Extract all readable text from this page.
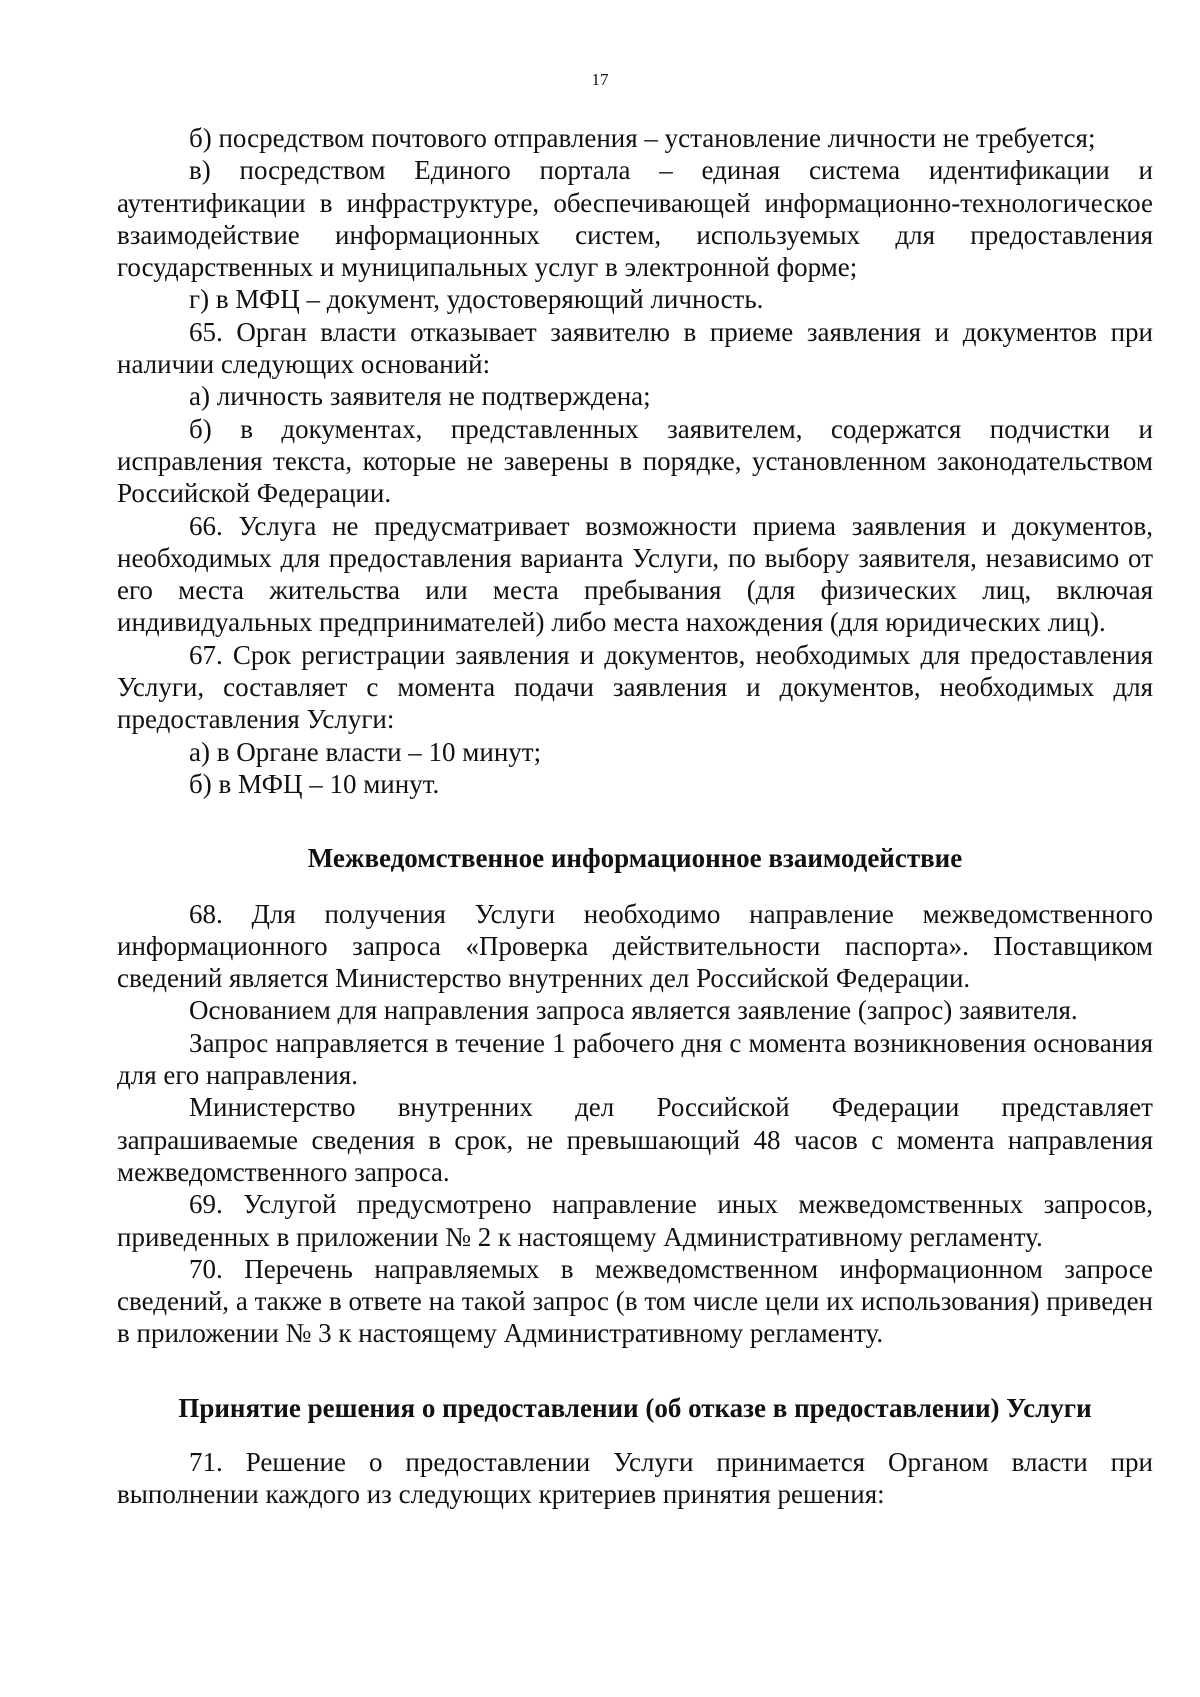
17

б) посредством почтового отправления – установление личности не требуется;

в) посредством Единого портала – единая система идентификации и аутентификации в инфраструктуре, обеспечивающей информационно-технологическое взаимодействие информационных систем, используемых для предоставления государственных и муниципальных услуг в электронной форме;

г) в МФЦ – документ, удостоверяющий личность.

65. Орган власти отказывает заявителю в приеме заявления и документов при наличии следующих оснований:

а) личность заявителя не подтверждена;

б) в документах, представленных заявителем, содержатся подчистки и исправления текста, которые не заверены в порядке, установленном законодательством Российской Федерации.

66. Услуга не предусматривает возможности приема заявления и документов, необходимых для предоставления варианта Услуги, по выбору заявителя, независимо от его места жительства или места пребывания (для физических лиц, включая индивидуальных предпринимателей) либо места нахождения (для юридических лиц).

67. Срок регистрации заявления и документов, необходимых для предоставления Услуги, составляет с момента подачи заявления и документов, необходимых для предоставления Услуги:

а) в Органе власти – 10 минут;

б) в МФЦ – 10 минут.

Межведомственное информационное взаимодействие

68. Для получения Услуги необходимо направление межведомственного информационного запроса «Проверка действительности паспорта». Поставщиком сведений является Министерство внутренних дел Российской Федерации.

Основанием для направления запроса является заявление (запрос) заявителя.

Запрос направляется в течение 1 рабочего дня с момента возникновения основания для его направления.

Министерство внутренних дел Российской Федерации представляет запрашиваемые сведения в срок, не превышающий 48 часов с момента направления межведомственного запроса.

69. Услугой предусмотрено направление иных межведомственных запросов, приведенных в приложении № 2 к настоящему Административному регламенту.

70. Перечень направляемых в межведомственном информационном запросе сведений, а также в ответе на такой запрос (в том числе цели их использования) приведен в приложении № 3 к настоящему Административному регламенту.

Принятие решения о предоставлении (об отказе в предоставлении) Услуги

71. Решение о предоставлении Услуги принимается Органом власти при выполнении каждого из следующих критериев принятия решения:
